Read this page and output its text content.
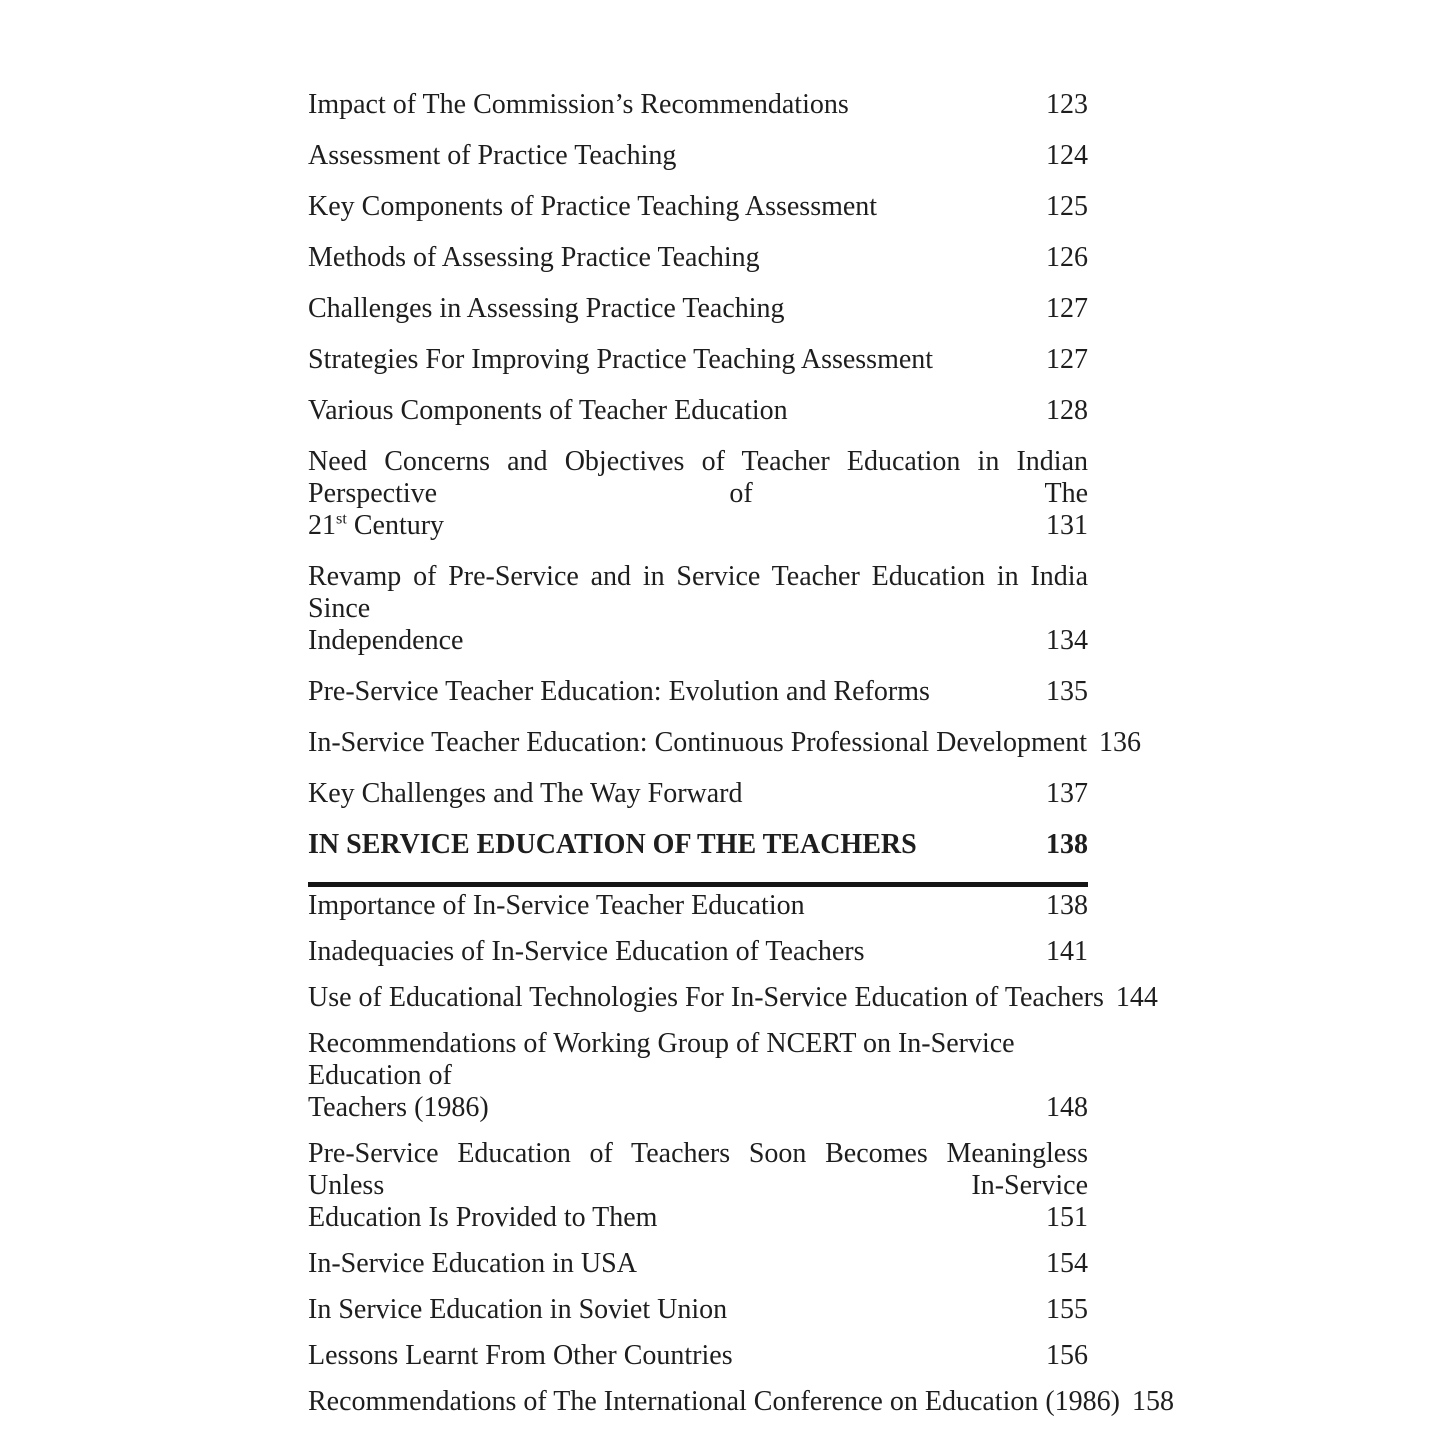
Impact of The Commission’s Recommendations	123
Assessment of Practice Teaching	124
Key Components of Practice Teaching Assessment	125
Methods of Assessing Practice Teaching	126
Challenges in Assessing Practice Teaching	127
Strategies For Improving Practice Teaching Assessment	127
Various Components of Teacher Education	128
Need Concerns and Objectives of Teacher Education in Indian Perspective of The
21st Century	131
Revamp of Pre-Service and in Service Teacher Education in India Since
Independence	134
Pre-Service Teacher Education: Evolution and Reforms	135
In-Service Teacher Education: Continuous Professional Development 136
Key Challenges and The Way Forward	137
IN SERVICE EDUCATION OF THE TEACHERS	138
Importance of In-Service Teacher Education	138
Inadequacies of In-Service Education of Teachers	141
Use of Educational Technologies For In-Service Education of Teachers 144
Recommendations of Working Group of NCERT on In-Service Education of
Teachers (1986)	148
Pre-Service Education of Teachers Soon Becomes Meaningless Unless In-Service
Education Is Provided to Them	151
In-Service Education in USA	154
In Service Education in Soviet Union	155
Lessons Learnt From Other Countries	156
Recommendations of The International Conference on Education (1986) 158
